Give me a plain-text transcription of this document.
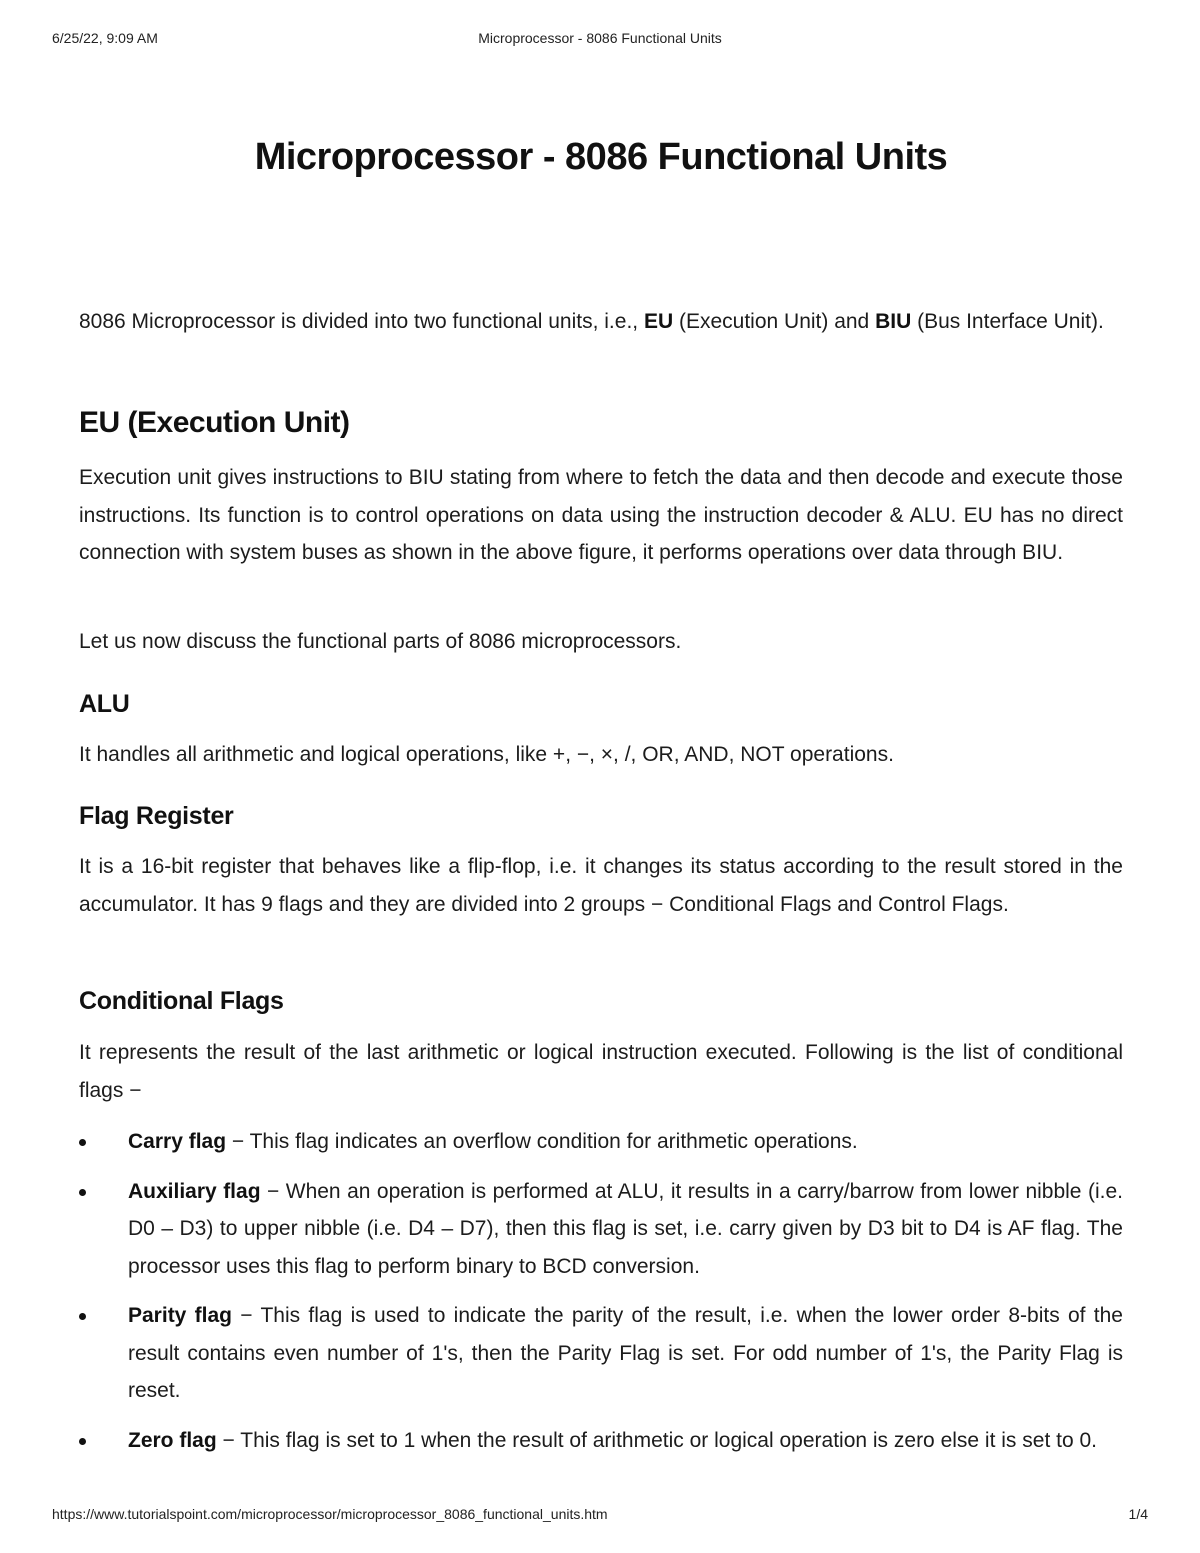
6/25/22, 9:09 AM	Microprocessor - 8086 Functional Units
Microprocessor - 8086 Functional Units

8086 Microprocessor is divided into two functional units, i.e., EU (Execution Unit) and BIU (Bus Interface Unit).

EU (Execution Unit)

Execution unit gives instructions to BIU stating from where to fetch the data and then decode and execute those instructions. Its function is to control operations on data using the instruction decoder & ALU. EU has no direct connection with system buses as shown in the above figure, it performs operations over data through BIU.

Let us now discuss the functional parts of 8086 microprocessors.

ALU

It handles all arithmetic and logical operations, like +, −, ×, /, OR, AND, NOT operations.

Flag Register

It is a 16-bit register that behaves like a flip-flop, i.e. it changes its status according to the result stored in the accumulator. It has 9 flags and they are divided into 2 groups − Conditional Flags and Control Flags.

Conditional Flags

It represents the result of the last arithmetic or logical instruction executed. Following is the list of conditional flags −

Carry flag − This flag indicates an overflow condition for arithmetic operations.
Auxiliary flag − When an operation is performed at ALU, it results in a carry/barrow from lower nibble (i.e. D0 – D3) to upper nibble (i.e. D4 – D7), then this flag is set, i.e. carry given by D3 bit to D4 is AF flag. The processor uses this flag to perform binary to BCD conversion.
Parity flag − This flag is used to indicate the parity of the result, i.e. when the lower order 8-bits of the result contains even number of 1's, then the Parity Flag is set. For odd number of 1's, the Parity Flag is reset.
Zero flag − This flag is set to 1 when the result of arithmetic or logical operation is zero else it is set to 0.
https://www.tutorialspoint.com/microprocessor/microprocessor_8086_functional_units.htm	1/4
